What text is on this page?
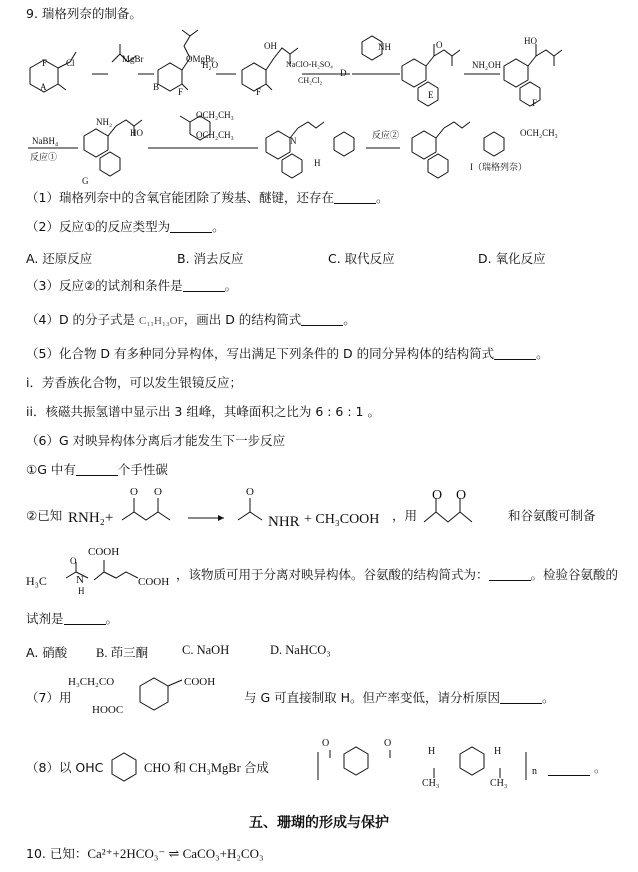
9. 瑞格列奈的制备。
A
Cl
F	MgBr	OMgBr
F
B
H₂O
OH
F
NaClO-H₂SO₄
CH₂Cl₂
D
NH	O
E
NH₂OH
HO
F
NH₂
NaBH₄
反应①
G
HO
OCH₂CH₃
OCH₂CH₃
N
H
反应②	OCH₂CH₃
I（瑞格列奈）
（1）瑞格列奈中的含氧官能团除了羧基、醚键，还存在	。
（2）反应①的反应类型为	。
A. 还原反应	B. 消去反应	C. 取代反应	D. 氧化反应
（3）反应②的试剂和条件是	。
（4）D 的分子式是 C₁₁H₁₃OF，画出 D 的结构简式	。
（5）化合物 D 有多种同分异构体，写出满足下列条件的 D 的同分异构体的结构简式	。
i．芳香族化合物，可以发生银镜反应；
ii．核磁共振氢谱中显示出 3 组峰，其峰面积之比为 6 : 6 : 1 。
（6）G 对映异构体分离后才能发生下一步反应
①G 中有	个手性碳
②已知 RNH₂+
O O	O
NHR + CH₃COOH ，用
O O
和谷氨酸可制备
COOH
O
H₃C	N
H
COOH ，该物质可用于分离对映异构体。谷氨酸的结构简式为：	。检验谷氨酸的
试剂是	。
A. 硝酸 B. 茚三酮	C. NaOH	D. NaHCO₃
（7）用
H₃CH₂CO	COOH
HOOC
与 G 可直接制取 H。但产率变低，请分析原因	。
（8）以 OHC	CHO 和 CH₃MgBr 合成
O	O
H	H
CH₃	CH₃
n	。
五、珊瑚的形成与保护
10. 已知：Ca²⁺+2HCO₃⁻ ⇌ CaCO₃+H₂CO₃
